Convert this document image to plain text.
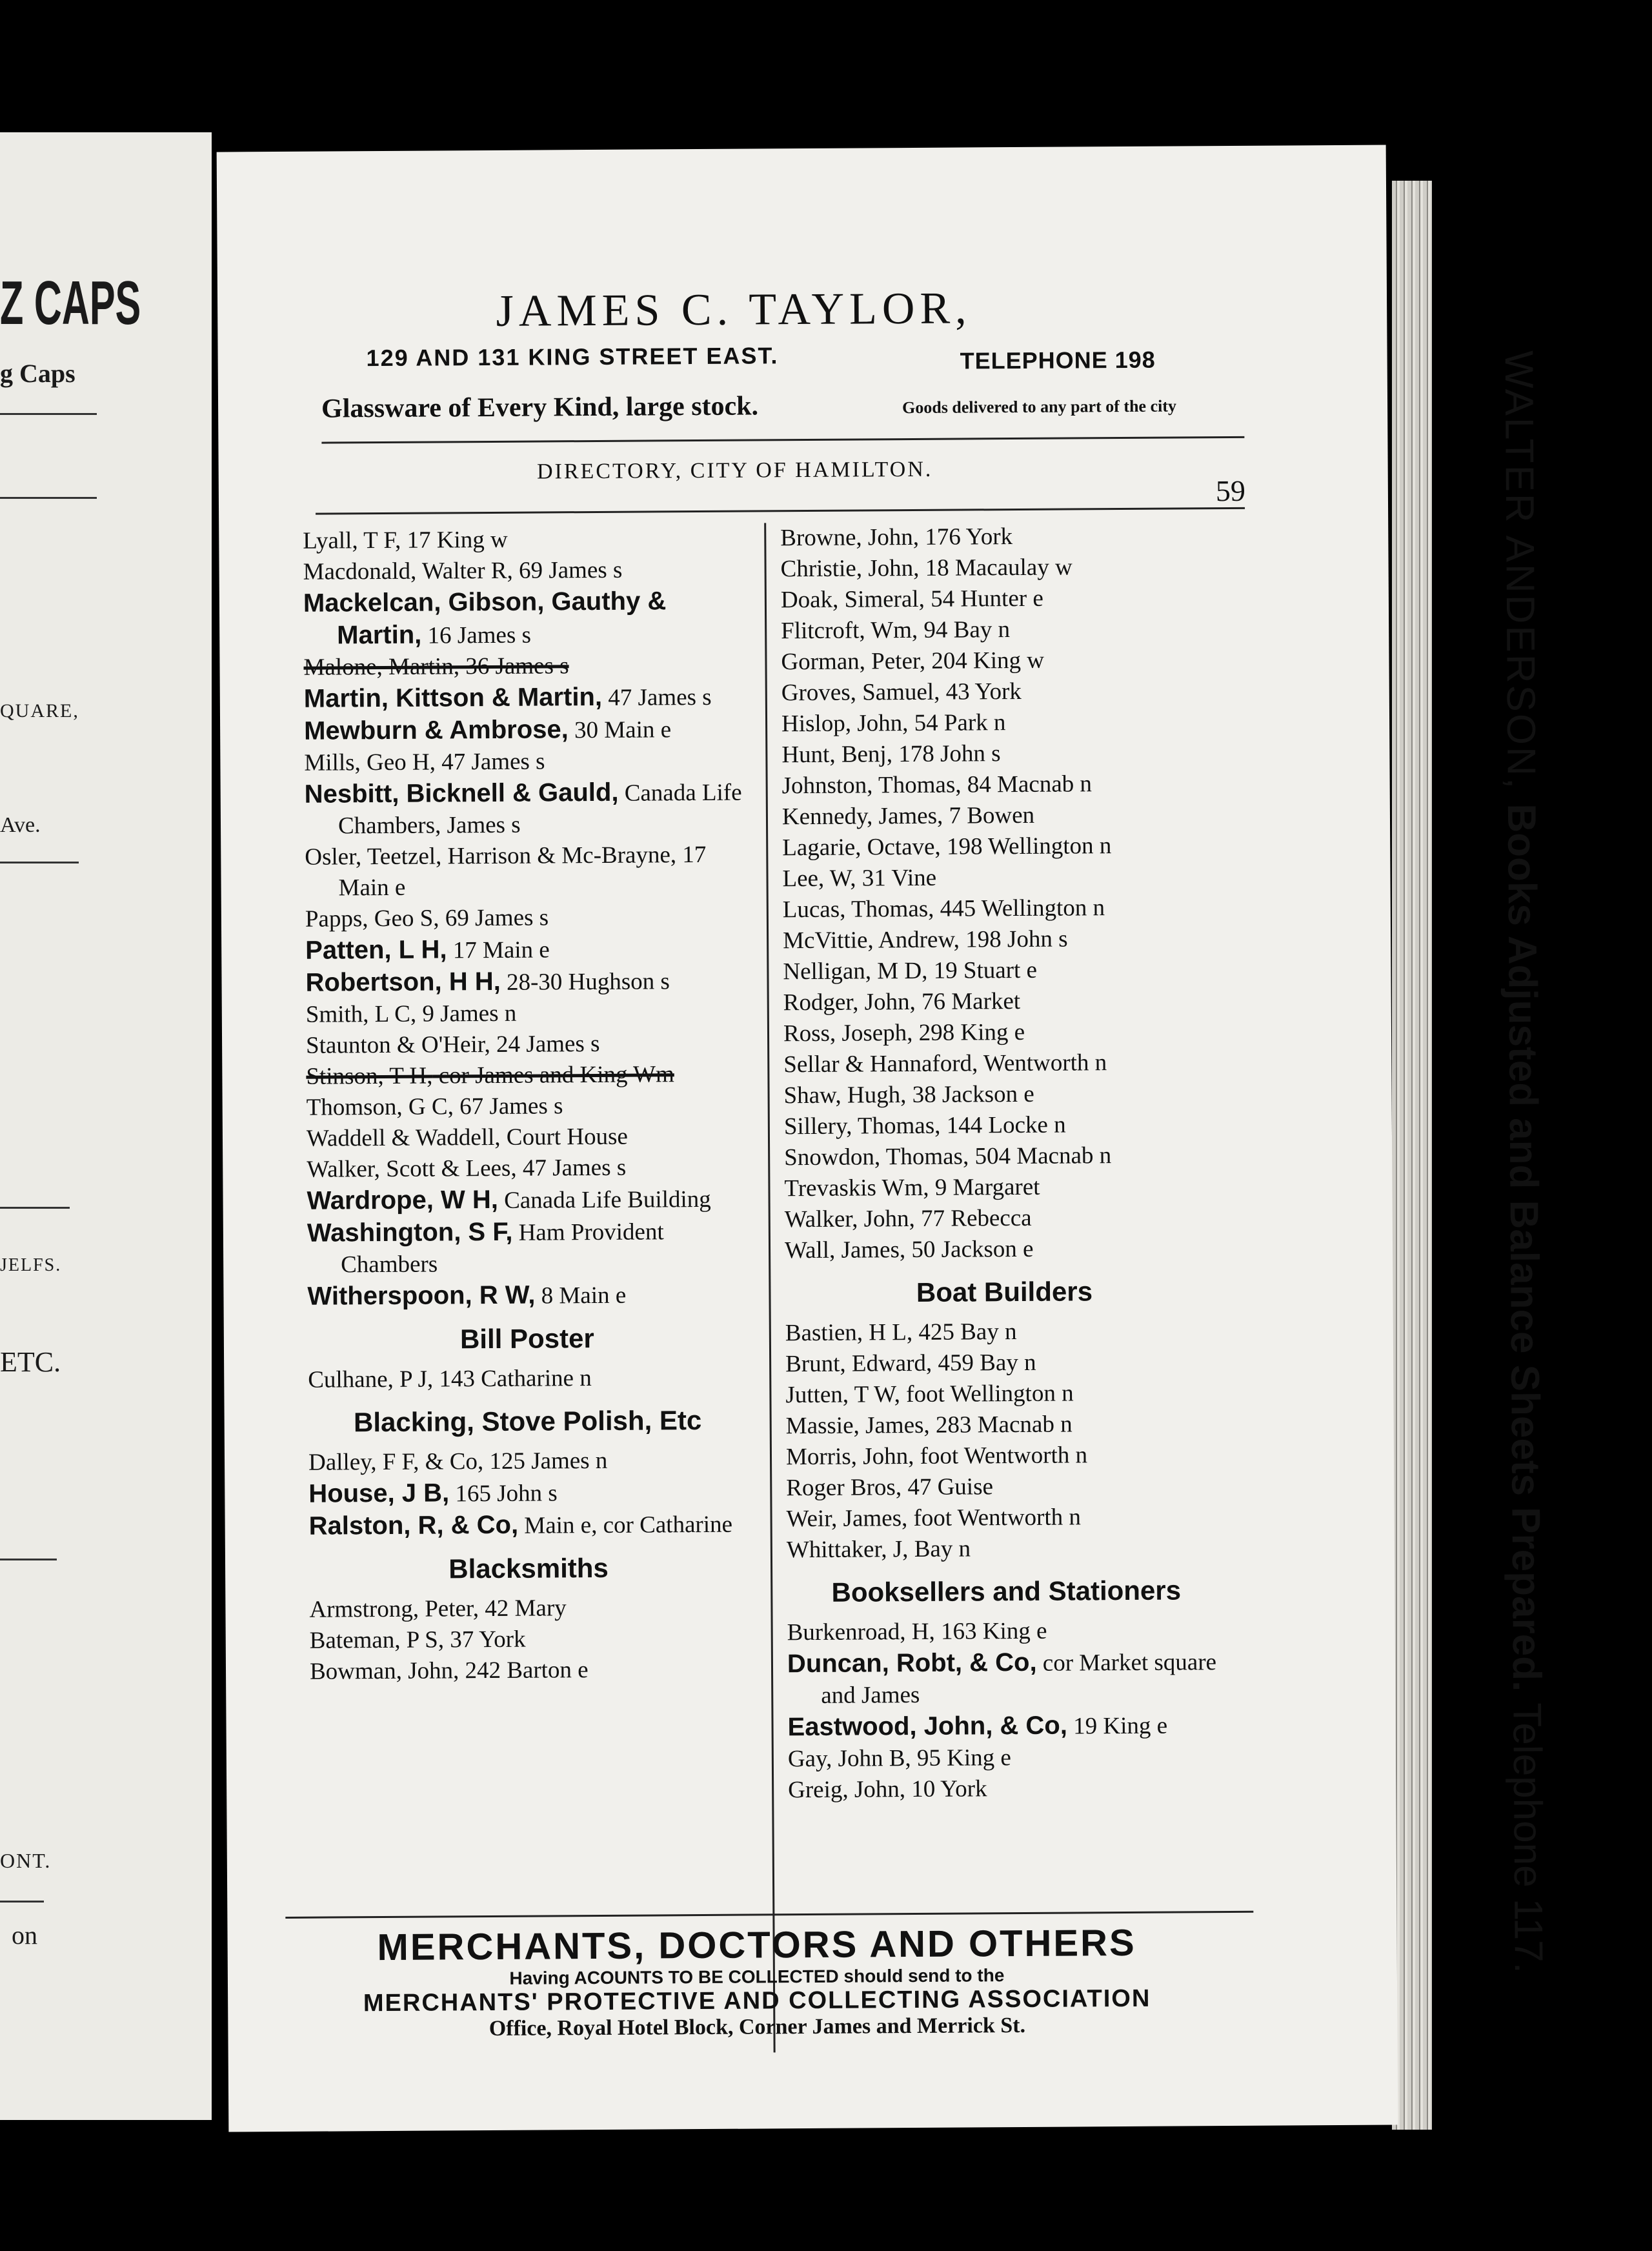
Z CAPS
g Caps
QUARE,
Ave.
JELFS.
ETC.
ONT.
on
JAMES C. TAYLOR,
129 AND 131 KING STREET EAST.	TELEPHONE 198
Glassware of Every Kind, large stock.	Goods delivered to any part of the city
DIRECTORY, CITY OF HAMILTON.
59
Lyall, T F, 17 King w
Macdonald, Walter R, 69 James s
Mackelcan, Gibson, Gauthy & Martin, 16 James s
Malone, Martin, 36 James s
Martin, Kittson & Martin, 47 James s
Mewburn & Ambrose, 30 Main e
Mills, Geo H, 47 James s
Nesbitt, Bicknell & Gauld, Canada Life Chambers, James s
Osler, Teetzel, Harrison & Mc-Brayne, 17 Main e
Papps, Geo S, 69 James s
Patten, L H, 17 Main e
Robertson, H H, 28-30 Hughson s
Smith, L C, 9 James n
Staunton & O'Heir, 24 James s
Stinson, T H, cor James and King Wm
Thomson, G C, 67 James s
Waddell & Waddell, Court House
Walker, Scott & Lees, 47 James s
Wardrope, W H, Canada Life Building
Washington, S F, Ham Provident Chambers
Witherspoon, R W, 8 Main e
Bill Poster
Culhane, P J, 143 Catharine n
Blacking, Stove Polish, Etc
Dalley, F F, & Co, 125 James n
House, J B, 165 John s
Ralston, R, & Co, Main e, cor Catharine
Blacksmiths
Armstrong, Peter, 42 Mary
Bateman, P S, 37 York
Bowman, John, 242 Barton e
Browne, John, 176 York
Christie, John, 18 Macaulay w
Doak, Simeral, 54 Hunter e
Flitcroft, Wm, 94 Bay n
Gorman, Peter, 204 King w
Groves, Samuel, 43 York
Hislop, John, 54 Park n
Hunt, Benj, 178 John s
Johnston, Thomas, 84 Macnab n
Kennedy, James, 7 Bowen
Lagarie, Octave, 198 Wellington n
Lee, W, 31 Vine
Lucas, Thomas, 445 Wellington n
McVittie, Andrew, 198 John s
Nelligan, M D, 19 Stuart e
Rodger, John, 76 Market
Ross, Joseph, 298 King e
Sellar & Hannaford, Wentworth n
Shaw, Hugh, 38 Jackson e
Sillery, Thomas, 144 Locke n
Snowdon, Thomas, 504 Macnab n
Trevaskis Wm, 9 Margaret
Walker, John, 77 Rebecca
Wall, James, 50 Jackson e
Boat Builders
Bastien, H L, 425 Bay n
Brunt, Edward, 459 Bay n
Jutten, T W, foot Wellington n
Massie, James, 283 Macnab n
Morris, John, foot Wentworth n
Roger Bros, 47 Guise
Weir, James, foot Wentworth n
Whittaker, J, Bay n
Booksellers and Stationers
Burkenroad, H, 163 King e
Duncan, Robt, & Co, cor Market square and James
Eastwood, John, & Co, 19 King e
Gay, John B, 95 King e
Greig, John, 10 York
MERCHANTS, DOCTORS AND OTHERS
Having ACOUNTS TO BE COLLECTED should send to the
MERCHANTS' PROTECTIVE AND COLLECTING ASSOCIATION
Office, Royal Hotel Block, Corner James and Merrick St.
WALTER ANDERSON, Books Adjusted and Balance Sheets Prepared. Telephone 117.
